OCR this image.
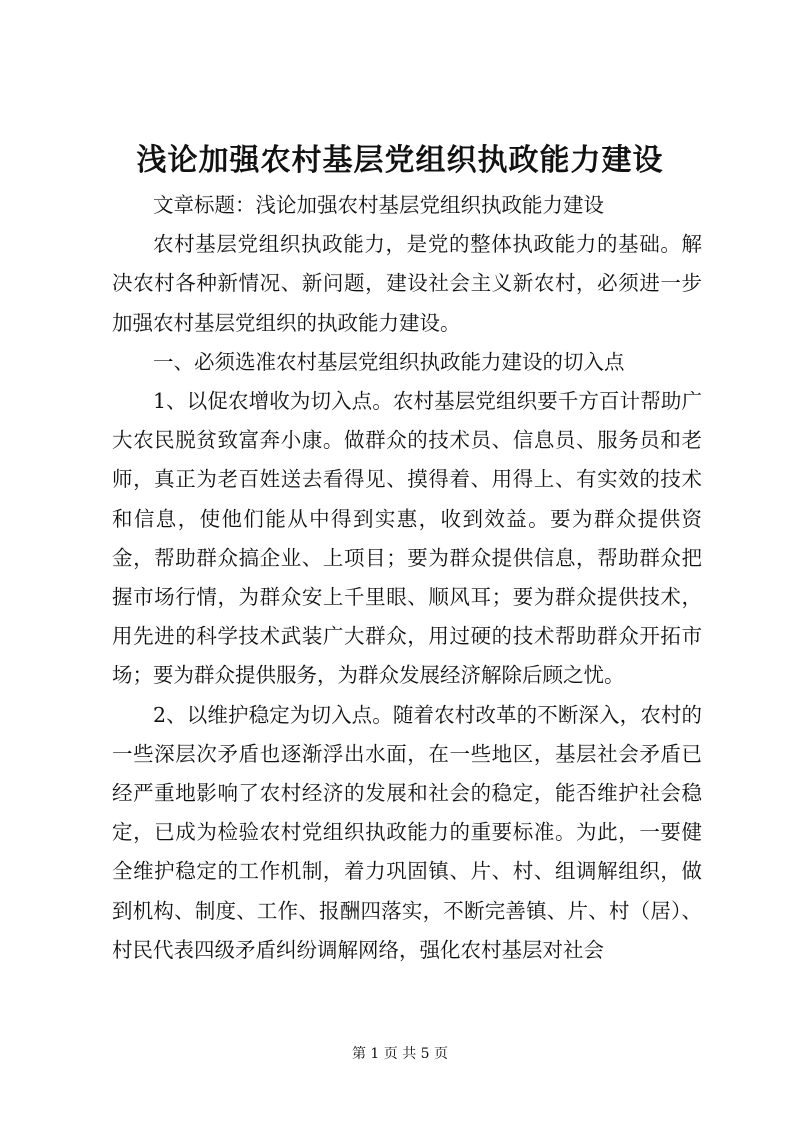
浅论加强农村基层党组织执政能力建设

文章标题：浅论加强农村基层党组织执政能力建设

农村基层党组织执政能力，是党的整体执政能力的基础。解决农村各种新情况、新问题，建设社会主义新农村，必须进一步加强农村基层党组织的执政能力建设。

一、必须选准农村基层党组织执政能力建设的切入点

1、以促农增收为切入点。农村基层党组织要千方百计帮助广大农民脱贫致富奔小康。做群众的技术员、信息员、服务员和老师，真正为老百姓送去看得见、摸得着、用得上、有实效的技术和信息，使他们能从中得到实惠，收到效益。要为群众提供资金，帮助群众搞企业、上项目；要为群众提供信息，帮助群众把握市场行情，为群众安上千里眼、顺风耳；要为群众提供技术，用先进的科学技术武装广大群众，用过硬的技术帮助群众开拓市场；要为群众提供服务，为群众发展经济解除后顾之忧。

2、以维护稳定为切入点。随着农村改革的不断深入，农村的一些深层次矛盾也逐渐浮出水面，在一些地区，基层社会矛盾已经严重地影响了农村经济的发展和社会的稳定，能否维护社会稳定，已成为检验农村党组织执政能力的重要标准。为此，一要健全维护稳定的工作机制，着力巩固镇、片、村、组调解组织，做到机构、制度、工作、报酬四落实，不断完善镇、片、村（居）、村民代表四级矛盾纠纷调解网络，强化农村基层对社会

第 1 页 共 5 页
